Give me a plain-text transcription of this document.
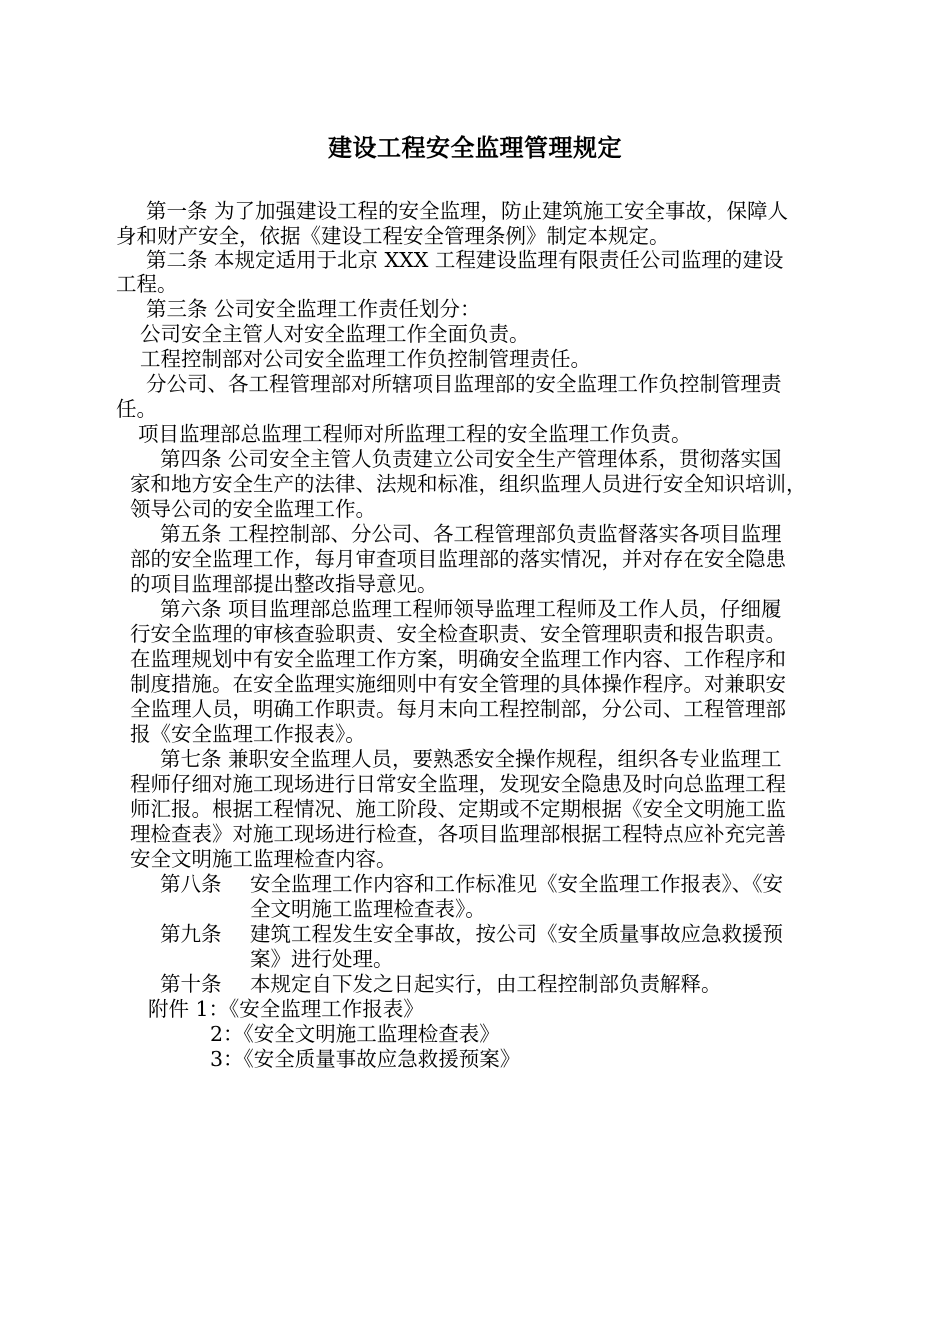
建设工程安全监理管理规定
第一条 为了加强建设工程的安全监理，防止建筑施工安全事故，保障人
身和财产安全，依据《建设工程安全管理条例》制定本规定。
第二条 本规定适用于北京 XXX 工程建设监理有限责任公司监理的建设
工程。
第三条 公司安全监理工作责任划分：
公司安全主管人对安全监理工作全面负责。
工程控制部对公司安全监理工作负控制管理责任。
分公司、各工程管理部对所辖项目监理部的安全监理工作负控制管理责
任。
项目监理部总监理工程师对所监理工程的安全监理工作负责。
第四条 公司安全主管人负责建立公司安全生产管理体系，贯彻落实国
家和地方安全生产的法律、法规和标准，组织监理人员进行安全知识培训，
领导公司的安全监理工作。
第五条 工程控制部、分公司、各工程管理部负责监督落实各项目监理
部的安全监理工作，每月审查项目监理部的落实情况，并对存在安全隐患
的项目监理部提出整改指导意见。
第六条 项目监理部总监理工程师领导监理工程师及工作人员，仔细履
行安全监理的审核查验职责、安全检查职责、安全管理职责和报告职责。
在监理规划中有安全监理工作方案，明确安全监理工作内容、工作程序和
制度措施。在安全监理实施细则中有安全管理的具体操作程序。对兼职安
全监理人员，明确工作职责。每月末向工程控制部，分公司、工程管理部
报《安全监理工作报表》。
第七条 兼职安全监理人员，要熟悉安全操作规程，组织各专业监理工
程师仔细对施工现场进行日常安全监理，发现安全隐患及时向总监理工程
师汇报。根据工程情况、施工阶段、定期或不定期根据《安全文明施工监
理检查表》对施工现场进行检查，各项目监理部根据工程特点应补充完善
安全文明施工监理检查内容。
第八条 安全监理工作内容和工作标准见《安全监理工作报表》、《安
全文明施工监理检查表》。
第九条 建筑工程发生安全事故，按公司《安全质量事故应急救援预
案》进行处理。
第十条 本规定自下发之日起实行，由工程控制部负责解释。
附件 1：《安全监理工作报表》
2：《安全文明施工监理检查表》
3：《安全质量事故应急救援预案》
